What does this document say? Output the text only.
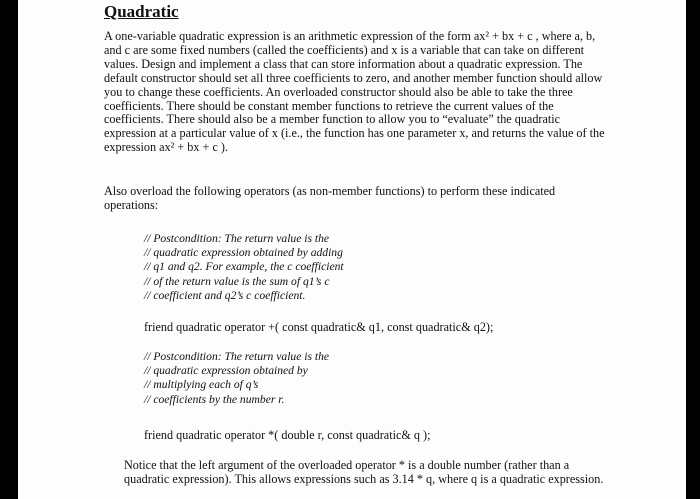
Quadratic
A one-variable quadratic expression is an arithmetic expression of the form ax² + bx + c , where a, b,
and c are some fixed numbers (called the coefficients) and x is a variable that can take on different
values. Design and implement a class that can store information about a quadratic expression. The
default constructor should set all three coefficients to zero, and another member function should allow
you to change these coefficients. An overloaded constructor should also be able to take the three
coefficients. There should be constant member functions to retrieve the current values of the
coefficients. There should also be a member function to allow you to “evaluate” the quadratic
expression at a particular value of x (i.e., the function has one parameter x, and returns the value of the
expression ax² + bx + c ).
Also overload the following operators (as non-member functions) to perform these indicated
operations:
// Postcondition: The return value is the
// quadratic expression obtained by adding
// q1 and q2. For example, the c coefficient
// of the return value is the sum of q1’s c
// coefficient and q2’s c coefficient.
friend quadratic operator +( const quadratic& q1, const quadratic& q2);
// Postcondition: The return value is the
// quadratic expression obtained by
// multiplying each of q’s
// coefficients by the number r.
friend quadratic operator *( double r, const quadratic& q );
Notice that the left argument of the overloaded operator * is a double number (rather than a
quadratic expression). This allows expressions such as 3.14 * q, where q is a quadratic expression.
